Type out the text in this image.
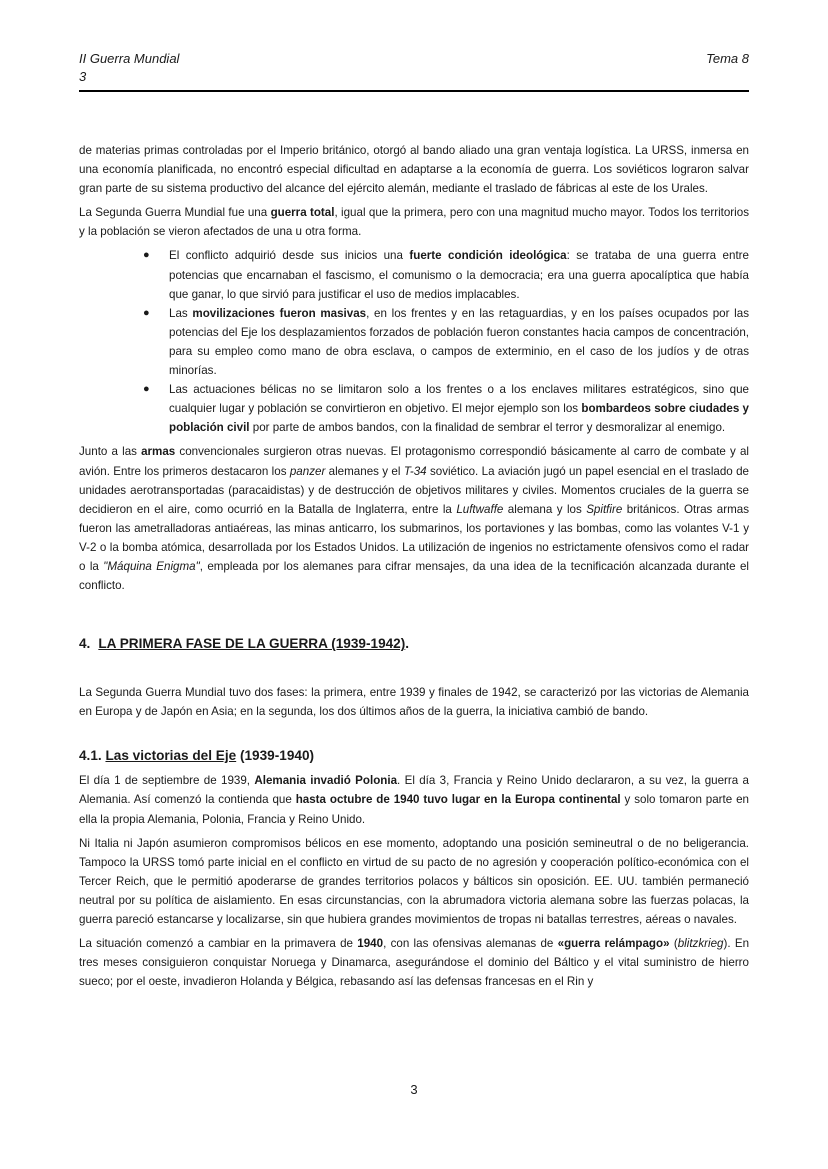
II Guerra Mundial
3
Tema 8

de materias primas controladas por el Imperio británico, otorgó al bando aliado una gran ventaja logística. La URSS, inmersa en una economía planificada, no encontró especial dificultad en adaptarse a la economía de guerra. Los soviéticos lograron salvar gran parte de su sistema productivo del alcance del ejército alemán, mediante el traslado de fábricas al este de los Urales.

La Segunda Guerra Mundial fue una guerra total, igual que la primera, pero con una magnitud mucho mayor. Todos los territorios y la población se vieron afectados de una u otra forma.

● El conflicto adquirió desde sus inicios una fuerte condición ideológica: se trataba de una guerra entre potencias que encarnaban el fascismo, el comunismo o la democracia; era una guerra apocalíptica que había que ganar, lo que sirvió para justificar el uso de medios implacables.
● Las movilizaciones fueron masivas, en los frentes y en las retaguardias, y en los países ocupados por las potencias del Eje los desplazamientos forzados de población fueron constantes hacia campos de concentración, para su empleo como mano de obra esclava, o campos de exterminio, en el caso de los judíos y de otras minorías.
● Las actuaciones bélicas no se limitaron solo a los frentes o a los enclaves militares estratégicos, sino que cualquier lugar y población se convirtieron en objetivo. El mejor ejemplo son los bombardeos sobre ciudades y población civil por parte de ambos bandos, con la finalidad de sembrar el terror y desmoralizar al enemigo.

Junto a las armas convencionales surgieron otras nuevas. El protagonismo correspondió básicamente al carro de combate y al avión. Entre los primeros destacaron los panzer alemanes y el T-34 soviético. La aviación jugó un papel esencial en el traslado de unidades aerotransportadas (paracaidistas) y de destrucción de objetivos militares y civiles. Momentos cruciales de la guerra se decidieron en el aire, como ocurrió en la Batalla de Inglaterra, entre la Luftwaffe alemana y los Spitfire británicos. Otras armas fueron las ametralladoras antiaéreas, las minas anticarro, los submarinos, los portaviones y las bombas, como las volantes V-1 y V-2 o la bomba atómica, desarrollada por los Estados Unidos. La utilización de ingenios no estrictamente ofensivos como el radar o la "Máquina Enigma", empleada por los alemanes para cifrar mensajes, da una idea de la tecnificación alcanzada durante el conflicto.

4. LA PRIMERA FASE DE LA GUERRA (1939-1942).

La Segunda Guerra Mundial tuvo dos fases: la primera, entre 1939 y finales de 1942, se caracterizó por las victorias de Alemania en Europa y de Japón en Asia; en la segunda, los dos últimos años de la guerra, la iniciativa cambió de bando.

4.1. Las victorias del Eje (1939-1940)

El día 1 de septiembre de 1939, Alemania invadió Polonia. El día 3, Francia y Reino Unido declararon, a su vez, la guerra a Alemania. Así comenzó la contienda que hasta octubre de 1940 tuvo lugar en la Europa continental y solo tomaron parte en ella la propia Alemania, Polonia, Francia y Reino Unido.

Ni Italia ni Japón asumieron compromisos bélicos en ese momento, adoptando una posición semineutral o de no beligerancia. Tampoco la URSS tomó parte inicial en el conflicto en virtud de su pacto de no agresión y cooperación político-económica con el Tercer Reich, que le permitió apoderarse de grandes territorios polacos y bálticos sin oposición. EE. UU. también permaneció neutral por su política de aislamiento. En esas circunstancias, con la abrumadora victoria alemana sobre las fuerzas polacas, la guerra pareció estancarse y localizarse, sin que hubiera grandes movimientos de tropas ni batallas terrestres, aéreas o navales.

La situación comenzó a cambiar en la primavera de 1940, con las ofensivas alemanas de «guerra relámpago» (blitzkrieg). En tres meses consiguieron conquistar Noruega y Dinamarca, asegurándose el dominio del Báltico y el vital suministro de hierro sueco; por el oeste, invadieron Holanda y Bélgica, rebasando así las defensas francesas en el Rin y

3
